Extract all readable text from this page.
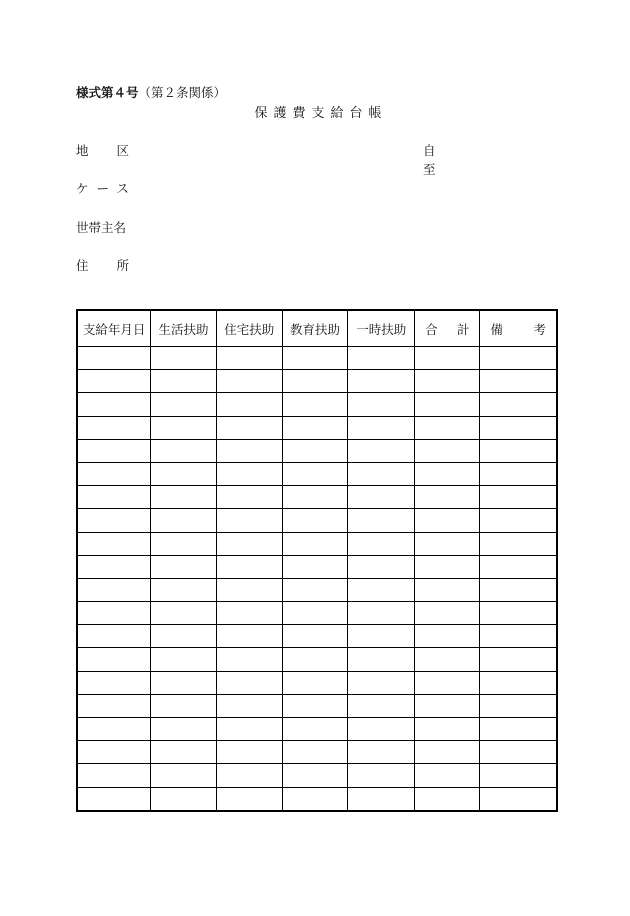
様式第４号（第２条関係）
保護費支給台帳
地区
ケース
世帯主名
住所
自
至
支給年月日	生活扶助	住宅扶助	教育扶助	一時扶助	合 計	備 考
